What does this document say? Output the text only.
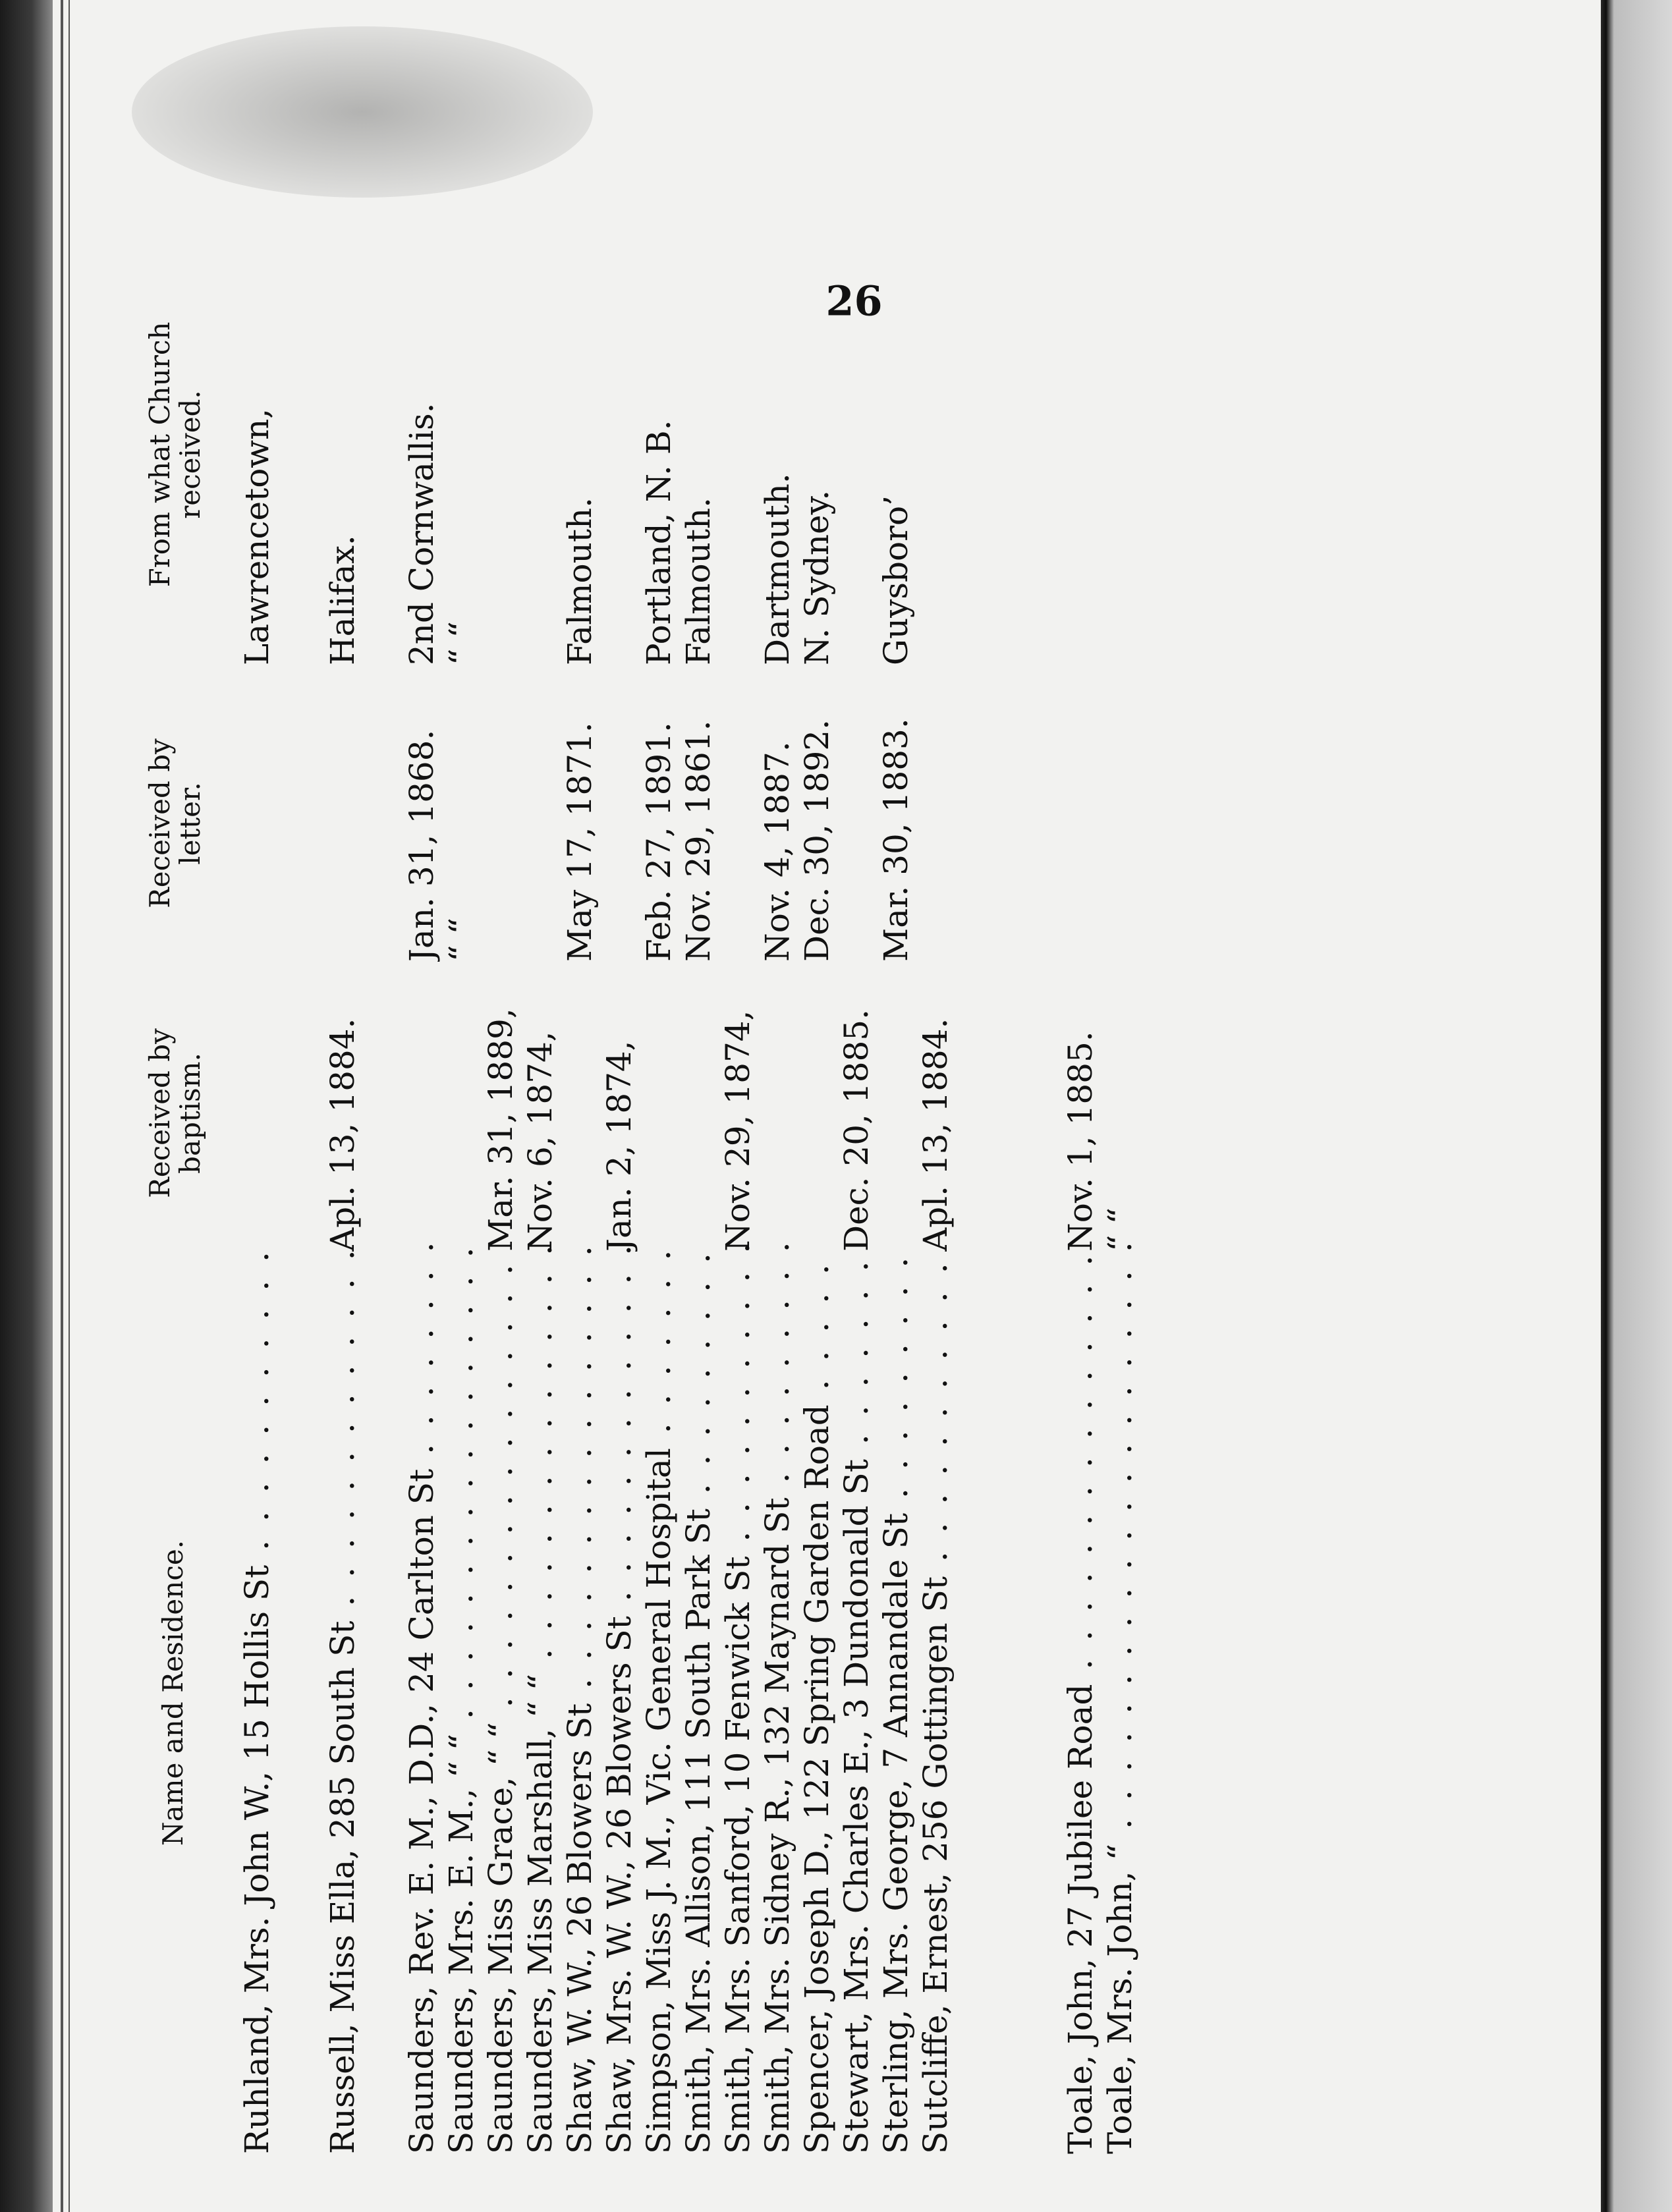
26
Name and Residence.
Received by
baptism.
Received by
letter.
From what Church
received.
Ruhland, Mrs. John W., 15 Hollis St . . .
Lawrencetown,
Russell, Miss Ella, 285 South St . . .
Apl. 13, 1884.
Halifax.
Saunders, Rev. E. M., D.D., 24 Carlton St . . .
Jan. 31, 1868.
2nd Cornwallis.
Saunders, Mrs. E. M., “ “ . . .
“ “
“ “
Saunders, Miss Grace, “ “ . . .
Mar. 31, 1889,
Saunders, Miss Marshall, “ “ . . .
Nov. 6, 1874,
Shaw, W. W., 26 Blowers St . . .
May 17, 1871.
Falmouth.
Shaw, Mrs. W. W., 26 Blowers St . . .
Jan. 2, 1874,
Simpson, Miss J. M., Vic. General Hospital . . .
Feb. 27, 1891.
Portland, N. B.
Smith, Mrs. Allison, 111 South Park St . . .
Nov. 29, 1861.
Falmouth.
Smith, Mrs. Sanford, 10 Fenwick St . . .
Nov. 29, 1874,
Smith, Mrs. Sidney R., 132 Maynard St . . .
Nov. 4, 1887.
Dartmouth.
Spencer, Joseph D., 122 Spring Garden Road . . .
Dec. 30, 1892.
N. Sydney.
Stewart, Mrs. Charles E., 3 Dundonald St . . .
Dec. 20, 1885.
Sterling, Mrs. George, 7 Annandale St . . .
Mar. 30, 1883.
Guysboro’
Sutcliffe, Ernest, 256 Gottingen St . . .
Apl. 13, 1884.
Toale, John, 27 Jubilee Road . . .
Nov. 1, 1885.
Toale, Mrs. John, “ . . .
“ “
